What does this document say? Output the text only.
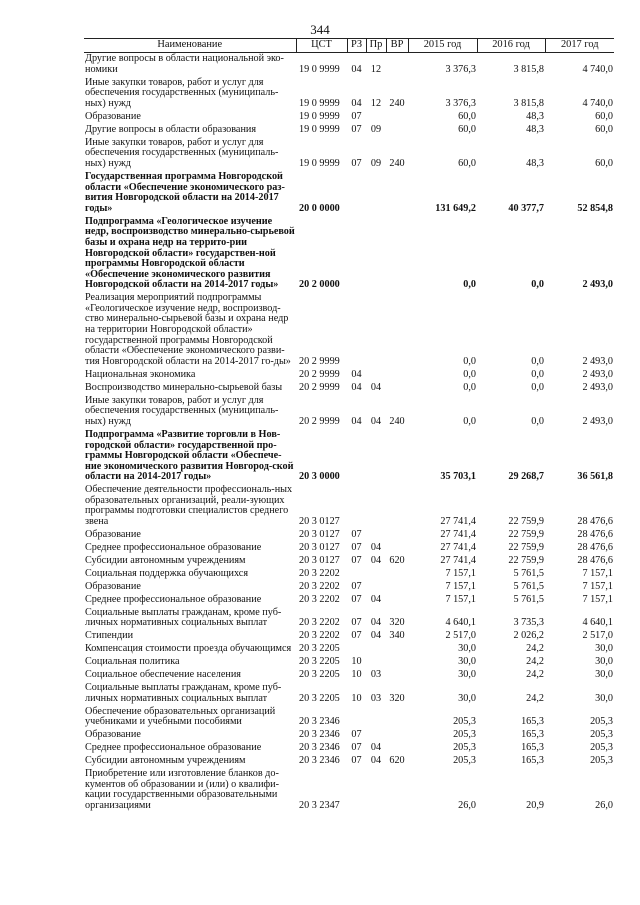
344
Наименование	ЦСТ	РЗ	Пр	ВР	2015 год	2016 год	2017 год
Другие вопросы в области национальной эко-номики	19 0 9999	04	12		3 376,3	3 815,8	4 740,0
Иные закупки товаров, работ и услуг для обеспечения государственных (муниципаль-ных) нужд	19 0 9999	04	12	240	3 376,3	3 815,8	4 740,0
Образование	19 0 9999	07			60,0	48,3	60,0
Другие вопросы в области образования	19 0 9999	07	09		60,0	48,3	60,0
Иные закупки товаров, работ и услуг для обеспечения государственных (муниципаль-ных) нужд	19 0 9999	07	09	240	60,0	48,3	60,0
Государственная программа Новгородской области «Обеспечение экономического раз-вития Новгородской области на 2014-2017 годы»	20 0 0000				131 649,2	40 377,7	52 854,8
Подпрограмма «Геологическое изучение недр, воспроизводство минерально-сырьевой базы и охрана недр на террито-рии Новгородской области» государствен-ной программы Новгородской области «Обеспечение экономического развития Новгородской области на 2014-2017 годы»	20 2 0000				0,0	0,0	2 493,0
Реализация мероприятий подпрограммы «Геологическое изучение недр, воспроизвод-ство минерально-сырьевой базы и охрана недр на территории Новгородской области» государственной программы Новгородской области «Обеспечение экономического разви-тия Новгородской области на 2014-2017 го-ды»	20 2 9999				0,0	0,0	2 493,0
Национальная экономика	20 2 9999	04			0,0	0,0	2 493,0
Воспроизводство минерально-сырьевой базы	20 2 9999	04	04		0,0	0,0	2 493,0
Иные закупки товаров, работ и услуг для обеспечения государственных (муниципаль-ных) нужд	20 2 9999	04	04	240	0,0	0,0	2 493,0
Подпрограмма «Развитие торговли в Нов-городской области» государственной про-граммы Новгородской области «Обеспече-ние экономического развития Новгород-ской области на 2014-2017 годы»	20 3 0000				35 703,1	29 268,7	36 561,8
Обеспечение деятельности профессиональ-ных образовательных организаций, реали-зующих программы подготовки специалистов среднего звена	20 3 0127				27 741,4	22 759,9	28 476,6
Образование	20 3 0127	07			27 741,4	22 759,9	28 476,6
Среднее профессиональное образование	20 3 0127	07	04		27 741,4	22 759,9	28 476,6
Субсидии автономным учреждениям	20 3 0127	07	04	620	27 741,4	22 759,9	28 476,6
Социальная поддержка обучающихся	20 3 2202				7 157,1	5 761,5	7 157,1
Образование	20 3 2202	07			7 157,1	5 761,5	7 157,1
Среднее профессиональное образование	20 3 2202	07	04		7 157,1	5 761,5	7 157,1
Социальные выплаты гражданам, кроме пуб-личных нормативных социальных выплат	20 3 2202	07	04	320	4 640,1	3 735,3	4 640,1
Стипендии	20 3 2202	07	04	340	2 517,0	2 026,2	2 517,0
Компенсация стоимости проезда обучающимся	20 3 2205				30,0	24,2	30,0
Социальная политика	20 3 2205	10			30,0	24,2	30,0
Социальное обеспечение населения	20 3 2205	10	03		30,0	24,2	30,0
Социальные выплаты гражданам, кроме пуб-личных нормативных социальных выплат	20 3 2205	10	03	320	30,0	24,2	30,0
Обеспечение образовательных организаций учебниками и учебными пособиями	20 3 2346				205,3	165,3	205,3
Образование	20 3 2346	07			205,3	165,3	205,3
Среднее профессиональное образование	20 3 2346	07	04		205,3	165,3	205,3
Субсидии автономным учреждениям	20 3 2346	07	04	620	205,3	165,3	205,3
Приобретение или изготовление бланков до-кументов об образовании и (или) о квалифи-кации государственными образовательными организациями	20 3 2347				26,0	20,9	26,0
